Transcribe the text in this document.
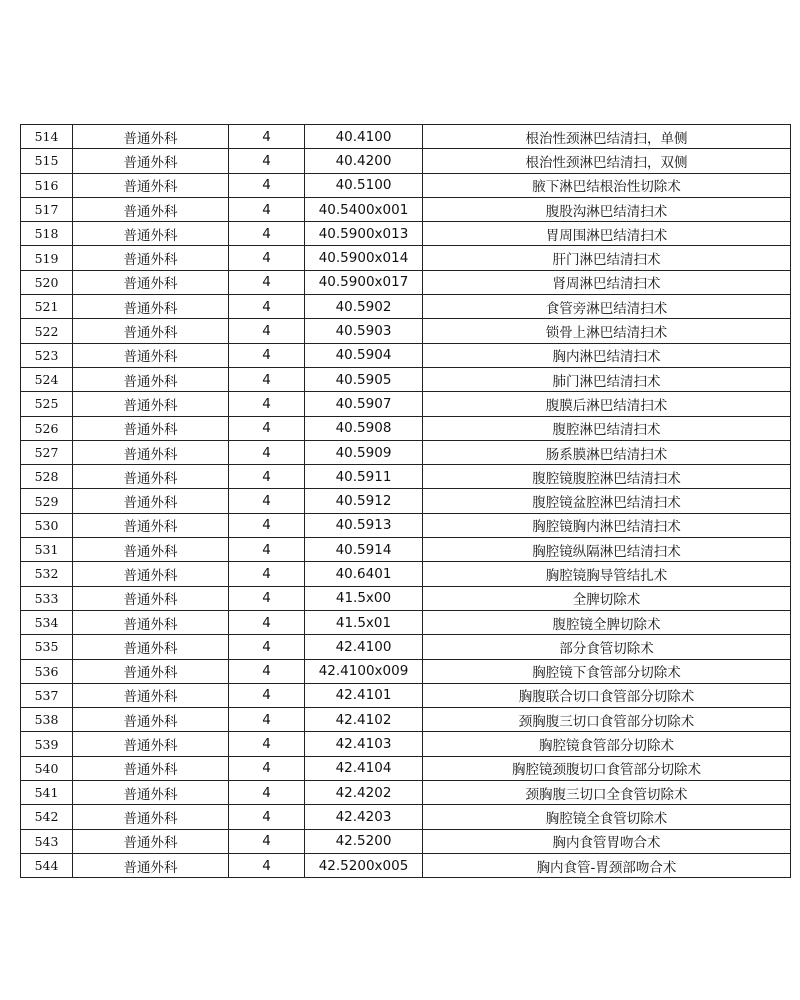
514	普通外科	4	40.4100	根治性颈淋巴结清扫，单侧
515	普通外科	4	40.4200	根治性颈淋巴结清扫，双侧
516	普通外科	4	40.5100	腋下淋巴结根治性切除术
517	普通外科	4	40.5400x001	腹股沟淋巴结清扫术
518	普通外科	4	40.5900x013	胃周围淋巴结清扫术
519	普通外科	4	40.5900x014	肝门淋巴结清扫术
520	普通外科	4	40.5900x017	肾周淋巴结清扫术
521	普通外科	4	40.5902	食管旁淋巴结清扫术
522	普通外科	4	40.5903	锁骨上淋巴结清扫术
523	普通外科	4	40.5904	胸内淋巴结清扫术
524	普通外科	4	40.5905	肺门淋巴结清扫术
525	普通外科	4	40.5907	腹膜后淋巴结清扫术
526	普通外科	4	40.5908	腹腔淋巴结清扫术
527	普通外科	4	40.5909	肠系膜淋巴结清扫术
528	普通外科	4	40.5911	腹腔镜腹腔淋巴结清扫术
529	普通外科	4	40.5912	腹腔镜盆腔淋巴结清扫术
530	普通外科	4	40.5913	胸腔镜胸内淋巴结清扫术
531	普通外科	4	40.5914	胸腔镜纵隔淋巴结清扫术
532	普通外科	4	40.6401	胸腔镜胸导管结扎术
533	普通外科	4	41.5x00	全脾切除术
534	普通外科	4	41.5x01	腹腔镜全脾切除术
535	普通外科	4	42.4100	部分食管切除术
536	普通外科	4	42.4100x009	胸腔镜下食管部分切除术
537	普通外科	4	42.4101	胸腹联合切口食管部分切除术
538	普通外科	4	42.4102	颈胸腹三切口食管部分切除术
539	普通外科	4	42.4103	胸腔镜食管部分切除术
540	普通外科	4	42.4104	胸腔镜颈腹切口食管部分切除术
541	普通外科	4	42.4202	颈胸腹三切口全食管切除术
542	普通外科	4	42.4203	胸腔镜全食管切除术
543	普通外科	4	42.5200	胸内食管胃吻合术
544	普通外科	4	42.5200x005	胸内食管-胃颈部吻合术
